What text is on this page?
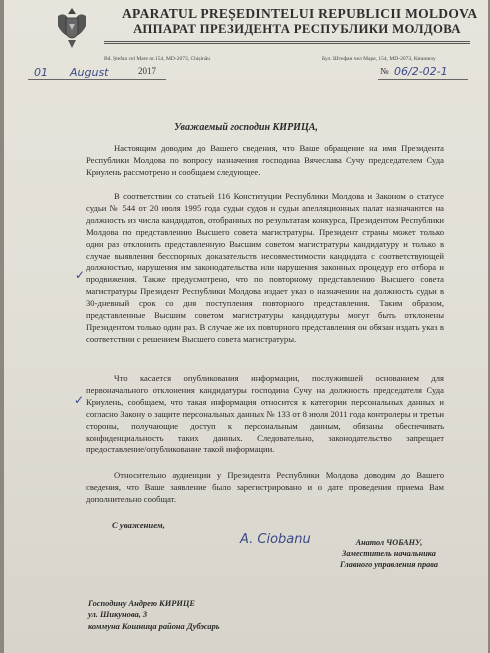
APARATUL PREȘEDINTELUI REPUBLICII MOLDOVA
АППАРАТ ПРЕЗИДЕНТА РЕСПУБЛИКИ МОЛДОВА
Bd. Ștefan cel Mare nr.154, MD-2073, Chișinău	Бул. Штефан чел Маре, 154, MD-2073, Кишинэу
01 August	2017	№ 06/2-02-1
Уважаемый господин КИРИЦА,
Настоящим доводим до Вашего сведения, что Ваше обращение на имя Президента Республики Молдова по вопросу назначения господина Вячеслава Сучу председателем Суда Криулень рассмотрено и сообщаем следующее.
В соответствии со статьей 116 Конституции Республики Молдова и Законом о статусе судьи № 544 от 20 июля 1995 года судьи судов и судьи апелляционных палат назначаются на должность из числа кандидатов, отобранных по результатам конкурса, Президентом Республики Молдова по представлению Высшего совета магистратуры. Президент страны может только один раз отклонить представленную Высшим советом магистратуры кандидатуру и только в случае выявления бесспорных доказательств несовместимости кандидата с соответствующей должностью, нарушения им законодательства или нарушения законных процедур его отбора и продвижения. Также предусмотрено, что по повторному представлению Высшего совета магистратуры Президент Республики Молдова издает указ о назначении на должность судьи в 30-дневный срок со дня поступления повторного представления. Таким образом, представленные Высшим советом магистратуры кандидатуры могут быть отклонены Президентом только один раз. В случае же их повторного представления он обязан издать указ в соответствии с решением Высшего совета магистратуры.
Что касается опубликования информации, послужившей основанием для первоначального отклонения кандидатуры господина Сучу на должность председателя Суда Криулень, сообщаем, что такая информация относится к категории персональных данных и согласно Закону о защите персональных данных № 133 от 8 июля 2011 года контролеры и третьи стороны, получающие доступ к персональным данным, обязаны обеспечивать конфиденциальность таких данных. Следовательно, законодательство запрещает предоставление/опубликование такой информации.
Относительно аудиенции у Президента Республики Молдова доводим до Вашего сведения, что Ваше заявление было зарегистрировано и о дате проведения приема Вам дополнительно сообщат.
✓
✓
С уважением,
A. Ciobanu	Анатол ЧОБАНУ,
Заместитель начальника
Главного управления права
Господину Андрею КИРИЦЕ
ул. Шикунова, 3
коммуна Кошница района Дубэсарь
